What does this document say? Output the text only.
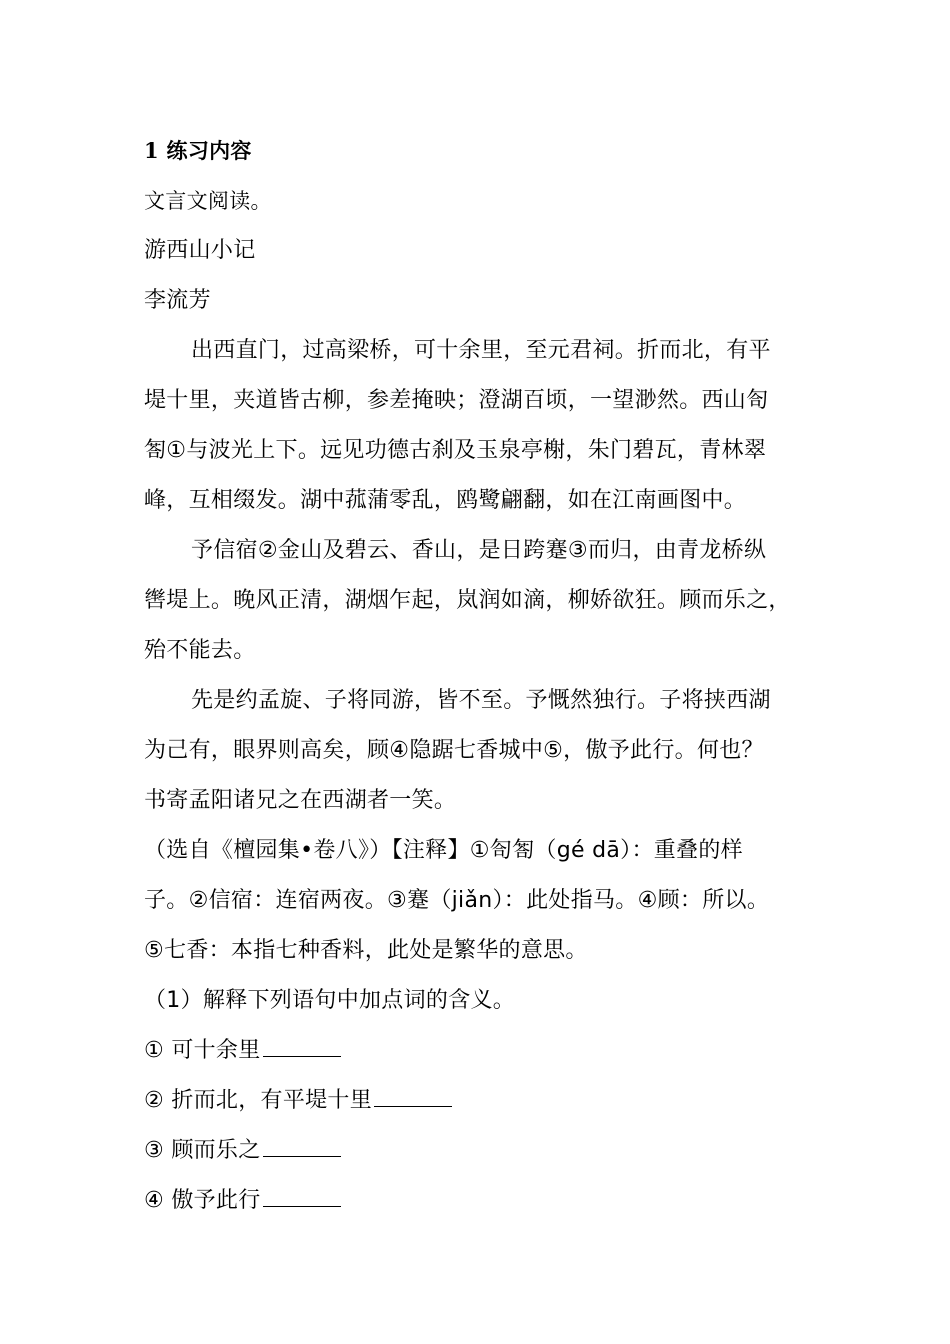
1 练习内容
文言文阅读。
游西山小记
李流芳
出西直门，过高梁桥，可十余里，至元君祠。折而北，有平
堤十里，夹道皆古柳，参差掩映；澄湖百顷，一望渺然。西山匌
匒①与波光上下。远见功德古刹及玉泉亭榭，朱门碧瓦，青林翠
峰，互相缀发。湖中菰蒲零乱，鸥鹭翩翻，如在江南画图中。
予信宿②金山及碧云、香山，是日跨蹇③而归，由青龙桥纵
辔堤上。晚风正清，湖烟乍起，岚润如滴，柳娇欲狂。顾而乐之，
殆不能去。
先是约孟旋、子将同游，皆不至。予慨然独行。子将挟西湖
为己有，眼界则高矣，顾④隐踞七香城中⑤，傲予此行。何也？
书寄孟阳诸兄之在西湖者一笑。
（选自《檀园集•卷八》）【注释】①匌匒（gé dā）：重叠的样
子。②信宿：连宿两夜。③蹇（jiǎn）：此处指马。④顾：所以。
⑤七香：本指七种香料，此处是繁华的意思。
（1）解释下列语句中加点词的含义。
① 可十余里
② 折而北，有平堤十里
③ 顾而乐之
④ 傲予此行
